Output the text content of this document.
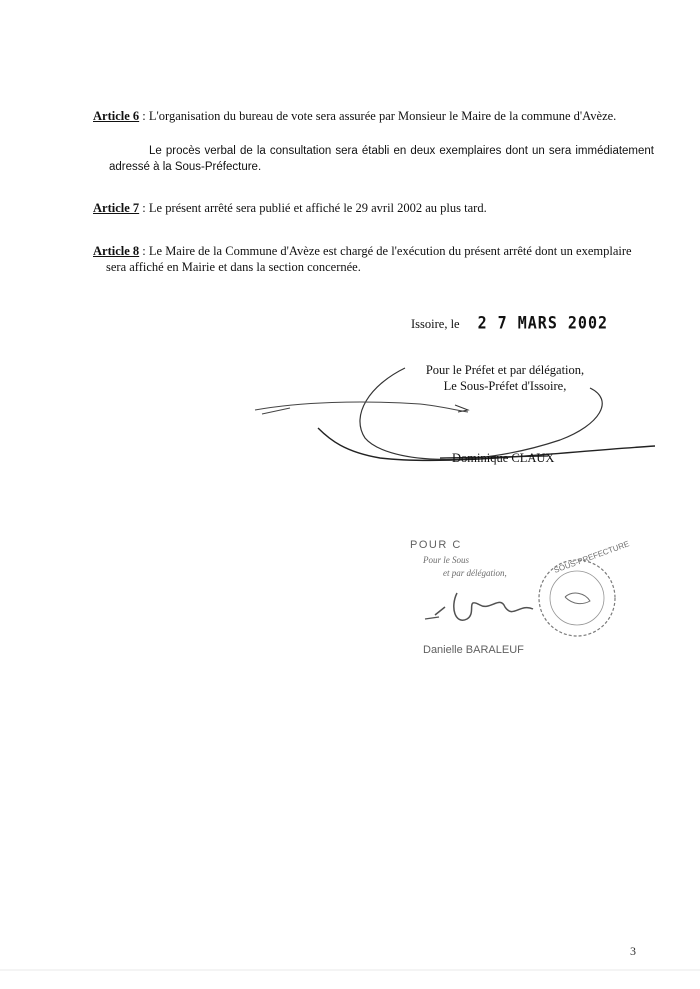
Article 6 : L'organisation du bureau de vote sera assurée par Monsieur le Maire de la commune d'Avèze.
Le procès verbal de la consultation sera établi en deux exemplaires dont un sera immédiatement adressé à la Sous-Préfecture.
Article 7 : Le présent arrêté sera publié et affiché le 29 avril 2002 au plus tard.
Article 8 : Le Maire de la Commune d'Avèze est chargé de l'exécution du présent arrêté dont un exemplaire
sera affiché en Mairie et dans la section concernée.
Issoire, le 2 7 MARS 2002
Pour le Préfet et par délégation,
Le Sous-Préfet d'Issoire,
Dominique CLAUX
POUR C
Pour le Sous
et par délégation,	SOUS-PREFECTURE
Danielle BARALEUF
3
